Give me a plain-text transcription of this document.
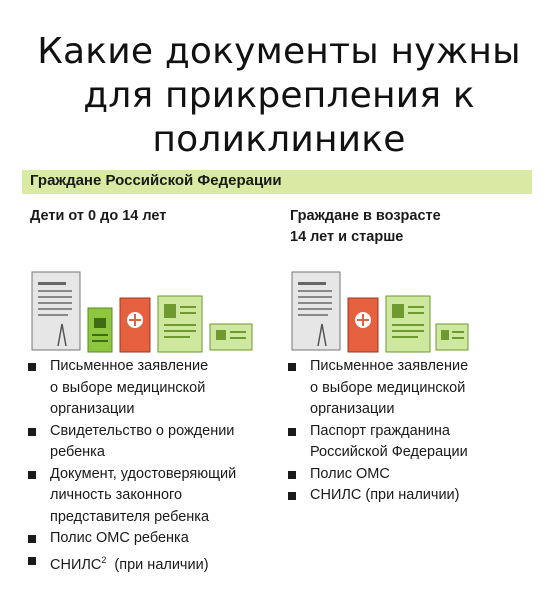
Какие документы нужны
для прикрепления к
поликлинике
Граждане Российской Федерации
Дети от 0 до 14 лет	Граждане в возрасте
14 лет и старше
Письменное заявление
о выборе медицинской
организации
Свидетельство о рождении
ребенка
Документ, удостоверяющий
личность законного
представителя ребенка
Полис ОМС ребенка
СНИЛС$^2$  (при наличии)
Письменное заявление
о выборе медицинской
организации
Паспорт гражданина
Российской Федерации
Полис ОМС
СНИЛС (при наличии)
